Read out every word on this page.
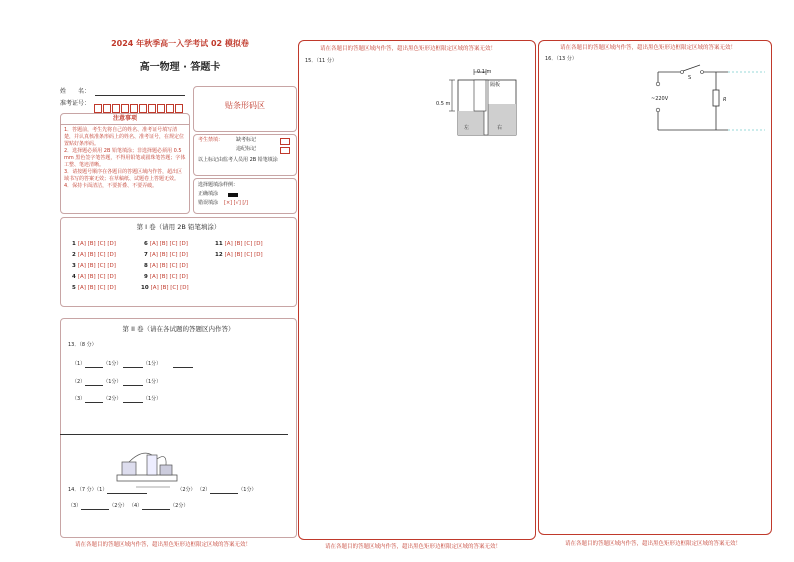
2024 年秋季高一入学考试 02 模拟卷
高一物理 · 答题卡
姓　　名：
准考证号：	贴条形码区
注意事项
1．答题前，考生先将自己的姓名、准考证号填写清楚，并认真核准条形码上的姓名、准考证号，在规定位置贴好条形码。
2．选择题必须用 2B 铅笔填涂；非选择题必须用 0.5 mm 黑色签字笔答题，不得用铅笔或圆珠笔答题；字体工整、笔迹清晰。
3．请按题号顺序在各题目的答题区域内作答，超出区域书写的答案无效；在草稿纸、试题卷上答题无效。
4．保持卡面清洁，不要折叠、不要弄破。
考生禁填：	缺考标记
违纪标记
以上标记由监考人员用 2B 铅笔填涂
选择题填涂样例：
正确填涂
错误填涂 [×] [√] [/]
第 I 卷（请用 2B 铅笔填涂）
1 [A] [B] [C] [D]
2 [A] [B] [C] [D]
3 [A] [B] [C] [D]
4 [A] [B] [C] [D]
5 [A] [B] [C] [D]
6 [A] [B] [C] [D]
7 [A] [B] [C] [D]
8 [A] [B] [C] [D]
9 [A] [B] [C] [D]
10 [A] [B] [C] [D]
11 [A] [B] [C] [D]
12 [A] [B] [C] [D]
第 II 卷（请在各试题的答题区内作答）
13．（8 分）
（1）	（1分）	（1分）
（2）	（1分）	（1分）
（3）	（2分）	（1分）
14．（7 分）（1）	（2分） （2）	（1分）
（3）	（2分） （4）	（2分）
请在各题目的答题区域内作答，超出黑色矩形边框限定区域的答案无效！
请在各题目的答题区域内作答，超出黑色矩形边框限定区域的答案无效！
15．（11 分）
0.1 m
0.5 m
隔板
左	右
请在各题目的答题区域内作答，超出黑色矩形边框限定区域的答案无效！
请在各题目的答题区域内作答，超出黑色矩形边框限定区域的答案无效！
16．（13 分）
S
~220V	R
请在各题目的答题区域内作答，超出黑色矩形边框限定区域的答案无效！
